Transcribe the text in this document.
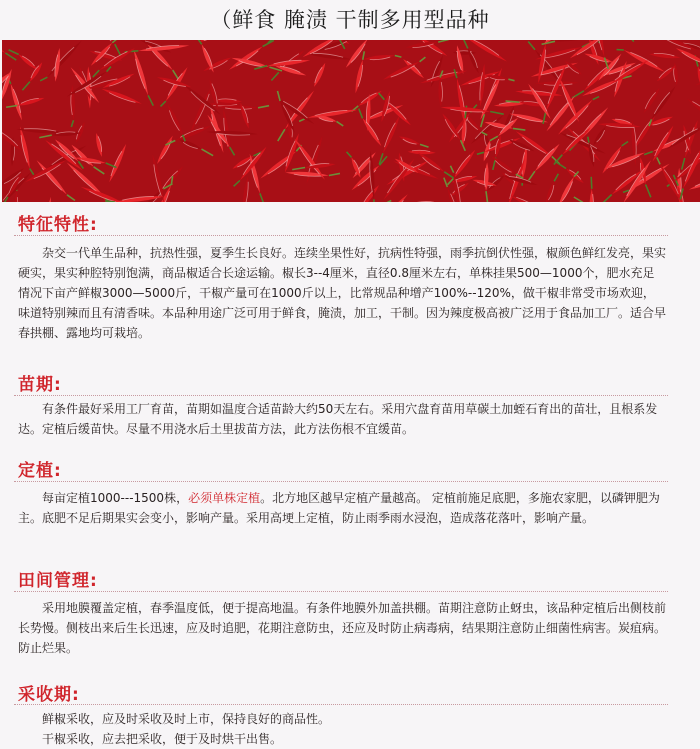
（鲜食 腌渍 干制多用型品种
特征特性:
杂交一代单生品种，抗热性强，夏季生长良好。连续坐果性好，抗病性特强，雨季抗倒伏性强，椒颜色鲜红发亮，果实硬实，果实种腔特别饱满，商品椒适合长途运输。椒长3--4厘米，直径0.8厘米左右，单株挂果500—1000个，肥水充足情况下亩产鲜椒3000—5000斤，干椒产量可在1000斤以上，比常规品种增产100%--120%，做干椒非常受市场欢迎，味道特别辣而且有清香味。本品种用途广泛可用于鲜食，腌渍，加工，干制。因为辣度极高被广泛用于食品加工厂。适合早春拱棚、露地均可栽培。
苗期:
有条件最好采用工厂育苗，苗期如温度合适苗龄大约50天左右。采用穴盘育苗用草碳土加蛭石育出的苗壮，且根系发达。定植后缓苗快。尽量不用浇水后土里拔苗方法，此方法伤根不宜缓苗。
定植:
每亩定植1000---1500株，必须单株定植。北方地区越早定植产量越高。 定植前施足底肥，多施农家肥，以磷钾肥为主。底肥不足后期果实会变小，影响产量。采用高埂上定植，防止雨季雨水浸泡，造成落花落叶，影响产量。
田间管理:
采用地膜覆盖定植，春季温度低，便于提高地温。有条件地膜外加盖拱棚。苗期注意防止蚜虫，该品种定植后出侧枝前长势慢。侧枝出来后生长迅速，应及时追肥，花期注意防虫，还应及时防止病毒病，结果期注意防止细菌性病害。炭疽病。防止烂果。
采收期:
鲜椒采收，应及时采收及时上市，保持良好的商品性。
干椒采收，应去把采收，便于及时烘干出售。
